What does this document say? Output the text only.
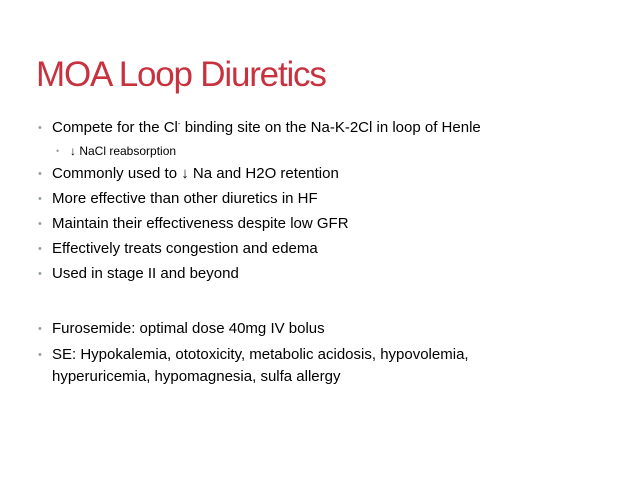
MOA Loop Diuretics
• Compete for the Cl- binding site on the Na-K-2Cl in loop of Henle
• ↓ NaCl reabsorption
• Commonly used to ↓ Na and H2O retention
• More effective than other diuretics in HF
• Maintain their effectiveness despite low GFR
• Effectively treats congestion and edema
• Used in stage II and beyond
• Furosemide: optimal dose 40mg IV bolus
• SE: Hypokalemia, ototoxicity, metabolic acidosis, hypovolemia,
hyperuricemia, hypomagnesia, sulfa allergy
